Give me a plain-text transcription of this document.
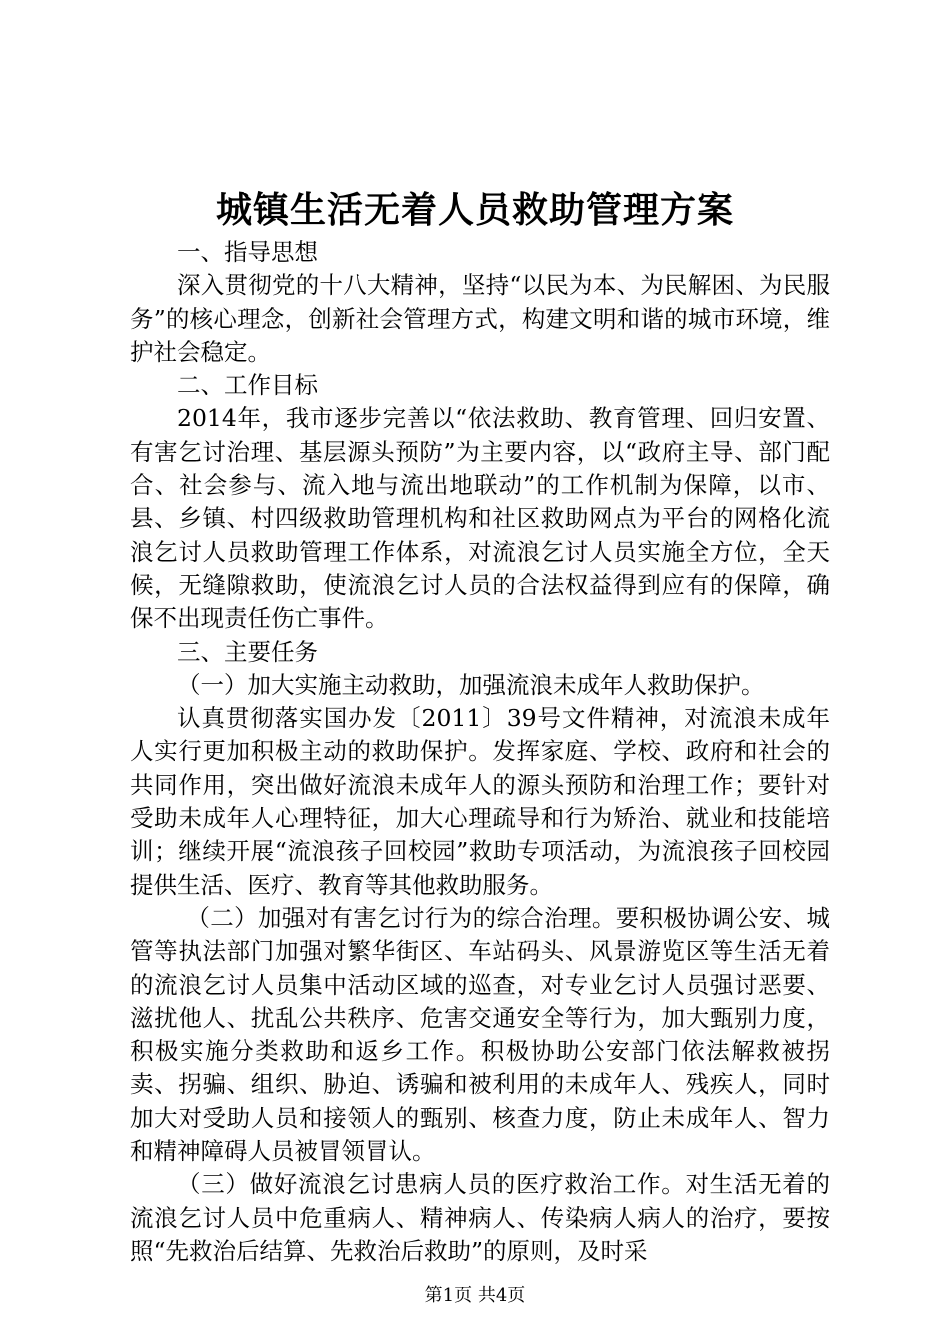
城镇生活无着人员救助管理方案

一、指导思想

深入贯彻党的十八大精神，坚持“以民为本、为民解困、为民服务”的核心理念，创新社会管理方式，构建文明和谐的城市环境，维护社会稳定。

二、工作目标

2014年，我市逐步完善以“依法救助、教育管理、回归安置、有害乞讨治理、基层源头预防”为主要内容，以“政府主导、部门配合、社会参与、流入地与流出地联动”的工作机制为保障，以市、县、乡镇、村四级救助管理机构和社区救助网点为平台的网格化流浪乞讨人员救助管理工作体系，对流浪乞讨人员实施全方位，全天候，无缝隙救助，使流浪乞讨人员的合法权益得到应有的保障，确保不出现责任伤亡事件。

三、主要任务

（一）加大实施主动救助，加强流浪未成年人救助保护。

认真贯彻落实国办发〔2011〕39号文件精神，对流浪未成年人实行更加积极主动的救助保护。发挥家庭、学校、政府和社会的共同作用，突出做好流浪未成年人的源头预防和治理工作；要针对受助未成年人心理特征，加大心理疏导和行为矫治、就业和技能培训；继续开展“流浪孩子回校园”救助专项活动，为流浪孩子回校园提供生活、医疗、教育等其他救助服务。

（二）加强对有害乞讨行为的综合治理。要积极协调公安、城管等执法部门加强对繁华街区、车站码头、风景游览区等生活无着的流浪乞讨人员集中活动区域的巡查，对专业乞讨人员强讨恶要、滋扰他人、扰乱公共秩序、危害交通安全等行为，加大甄别力度，积极实施分类救助和返乡工作。积极协助公安部门依法解救被拐卖、拐骗、组织、胁迫、诱骗和被利用的未成年人、残疾人，同时加大对受助人员和接领人的甄别、核查力度，防止未成年人、智力和精神障碍人员被冒领冒认。

（三）做好流浪乞讨患病人员的医疗救治工作。对生活无着的流浪乞讨人员中危重病人、精神病人、传染病人病人的治疗，要按照“先救治后结算、先救治后救助”的原则，及时采

第1页 共4页
